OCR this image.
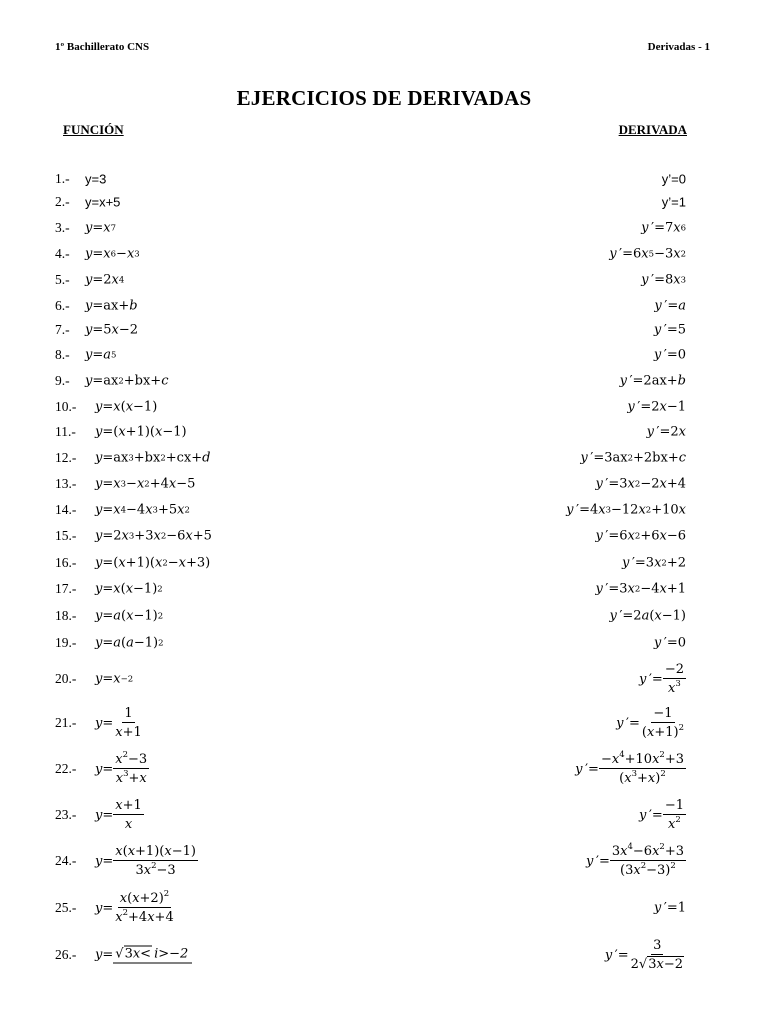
1º Bachillerato CNS	Derivadas - 1
EJERCICIOS DE DERIVADAS
FUNCIÓN	DERIVADA
1.- y=3	y’=0
2.- y=x+5	y’=1
3.- y = x 7	y  ′=7 x 6
4.- y = x 6 − x 3	y  ′=6 x 5 −3 x 2
5.- y =2 x 4	y  ′=8 x 3
6.- y =ax+ b	y  ′= a
7.- y =5 x −2	y  ′=5
8.- y = a 5	y  ′=0
9.- y =ax 2 +bx+ c	y  ′=2ax+ b
10.- y = x ( x −1)	y  ′=2 x −1
11.- y =( x +1)( x −1)	y  ′=2 x
12.- y =ax 3 +bx 2 +cx+ d	y  ′=3ax 2 +2bx+ c
13.- y = x 3 − x 2 +4 x −5	y  ′=3 x 2 −2 x +4
14.- y = x 4 −4 x 3 +5 x 2	y  ′=4 x 3 −12 x 2 +10 x
15.- y =2 x 3 +3 x 2 −6 x +5	y  ′=6 x 2 +6 x −6
16.- y =( x +1)( x 2 − x +3)	y  ′=3 x 2 +2
17.- y = x ( x −1) 2	y  ′=3 x 2 −4 x +1
18.- y = a ( x −1) 2	y  ′=2 a ( x −1)
19.- y = a ( a −1) 2	y  ′=0
20.- y = x −2	y  ′= $\frac{-2}{x^3}$
21.- $y = \frac{1}{x+1}$	y  ′= $\frac{-1}{(x+1)^2}$
22.- $y = \frac{x^2-3}{x^3+x}$	y  ′= $\frac{-x^4+10x^2+3}{(x^3+x)^2}$
23.- $y = \frac{x+1}{x}$	y  ′= $\frac{-1}{x^2}$
24.- $y = \frac{x(x+1)(x-1)}{3x^2-3}$	y  ′= $\frac{3x^4-6x^2+3}{(3x^2-3)^2}$
25.- $y = \frac{x(x+2)^2}{x^2+4x+4}$	y  ′=1
26.- y = √3x< i>−2	y  ′= $\frac{3}{2√3x-2}$
